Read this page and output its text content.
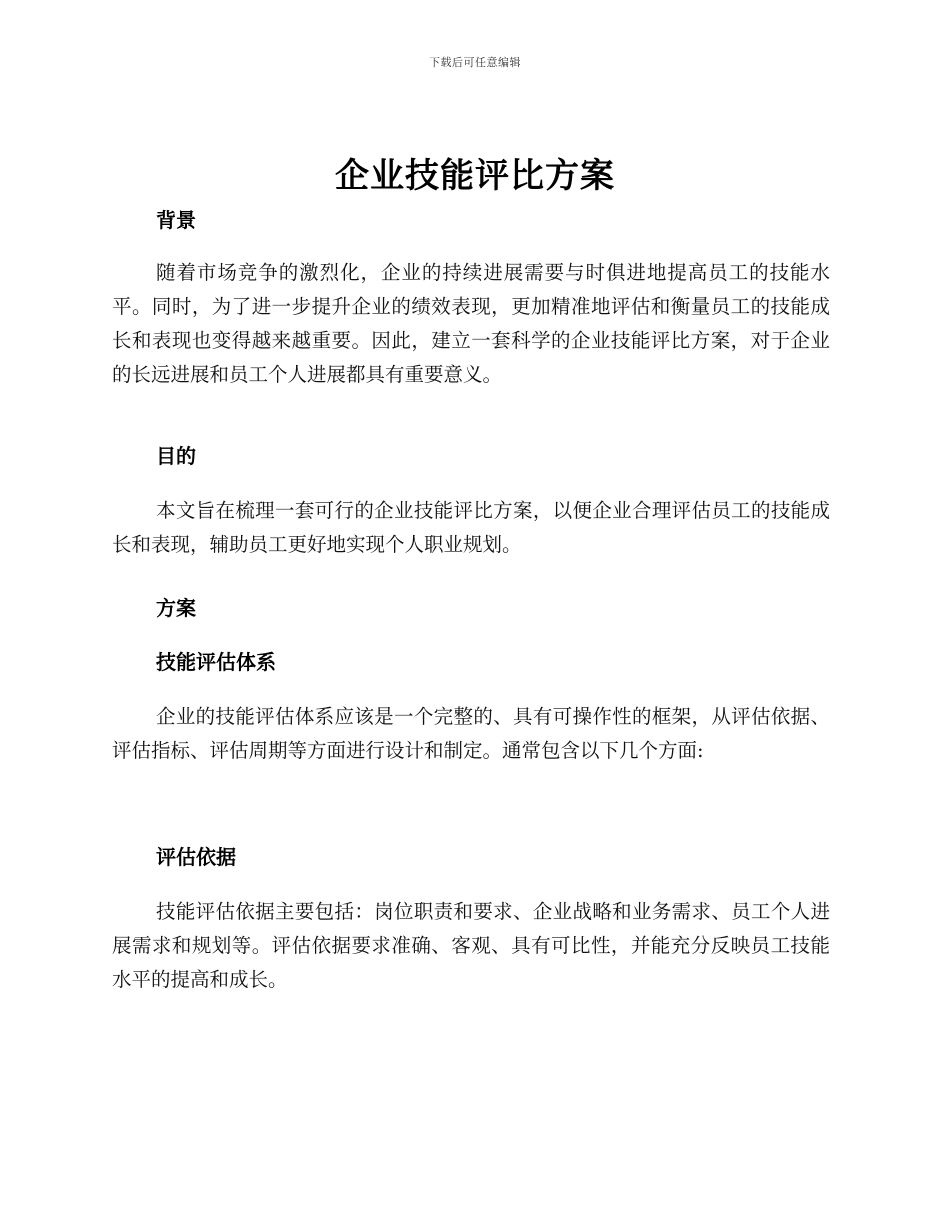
下载后可任意编辑
企业技能评比方案
背景
随着市场竞争的激烈化，企业的持续进展需要与时俱进地提高员工的技能水平。同时，为了进一步提升企业的绩效表现，更加精准地评估和衡量员工的技能成长和表现也变得越来越重要。因此，建立一套科学的企业技能评比方案，对于企业的长远进展和员工个人进展都具有重要意义。
目的
本文旨在梳理一套可行的企业技能评比方案，以便企业合理评估员工的技能成长和表现，辅助员工更好地实现个人职业规划。
方案
技能评估体系
企业的技能评估体系应该是一个完整的、具有可操作性的框架，从评估依据、评估指标、评估周期等方面进行设计和制定。通常包含以下几个方面:
评估依据
技能评估依据主要包括：岗位职责和要求、企业战略和业务需求、员工个人进展需求和规划等。评估依据要求准确、客观、具有可比性，并能充分反映员工技能水平的提高和成长。
